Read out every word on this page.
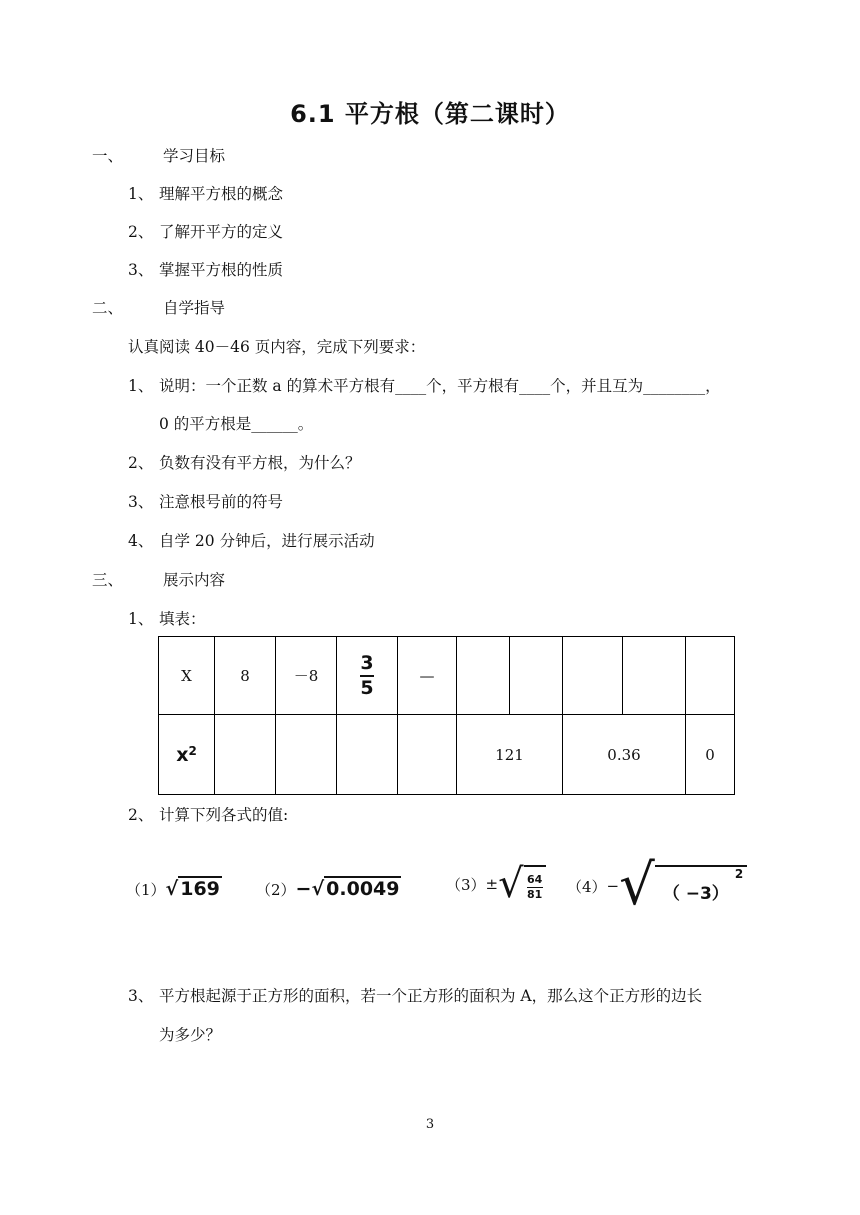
6.1 平方根（第二课时）
一、	学习目标
1、 理解平方根的概念
2、 了解开平方的定义
3、 掌握平方根的性质
二、	自学指导
认真阅读 40－46 页内容，完成下列要求：
1、 说明：一个正数 a 的算术平方根有____个，平方根有____个，并且互为________，
0 的平方根是______。
2、 负数有没有平方根，为什么？
3、 注意根号前的符号
4、 自学 20 分钟后，进行展示活动
三、	展示内容
1、 填表：
X	8	－8	$\frac{3}{5}$	—					
$x^2$					121		0.36		0
2、 计算下列各式的值:
（1）√ 169 （2）−√ 0.0049	（3） ± √ $\frac{64}{81} (4)$ − √ （ −3）$^2$
3、 平方根起源于正方形的面积，若一个正方形的面积为 A，那么这个正方形的边长
为多少？
3
